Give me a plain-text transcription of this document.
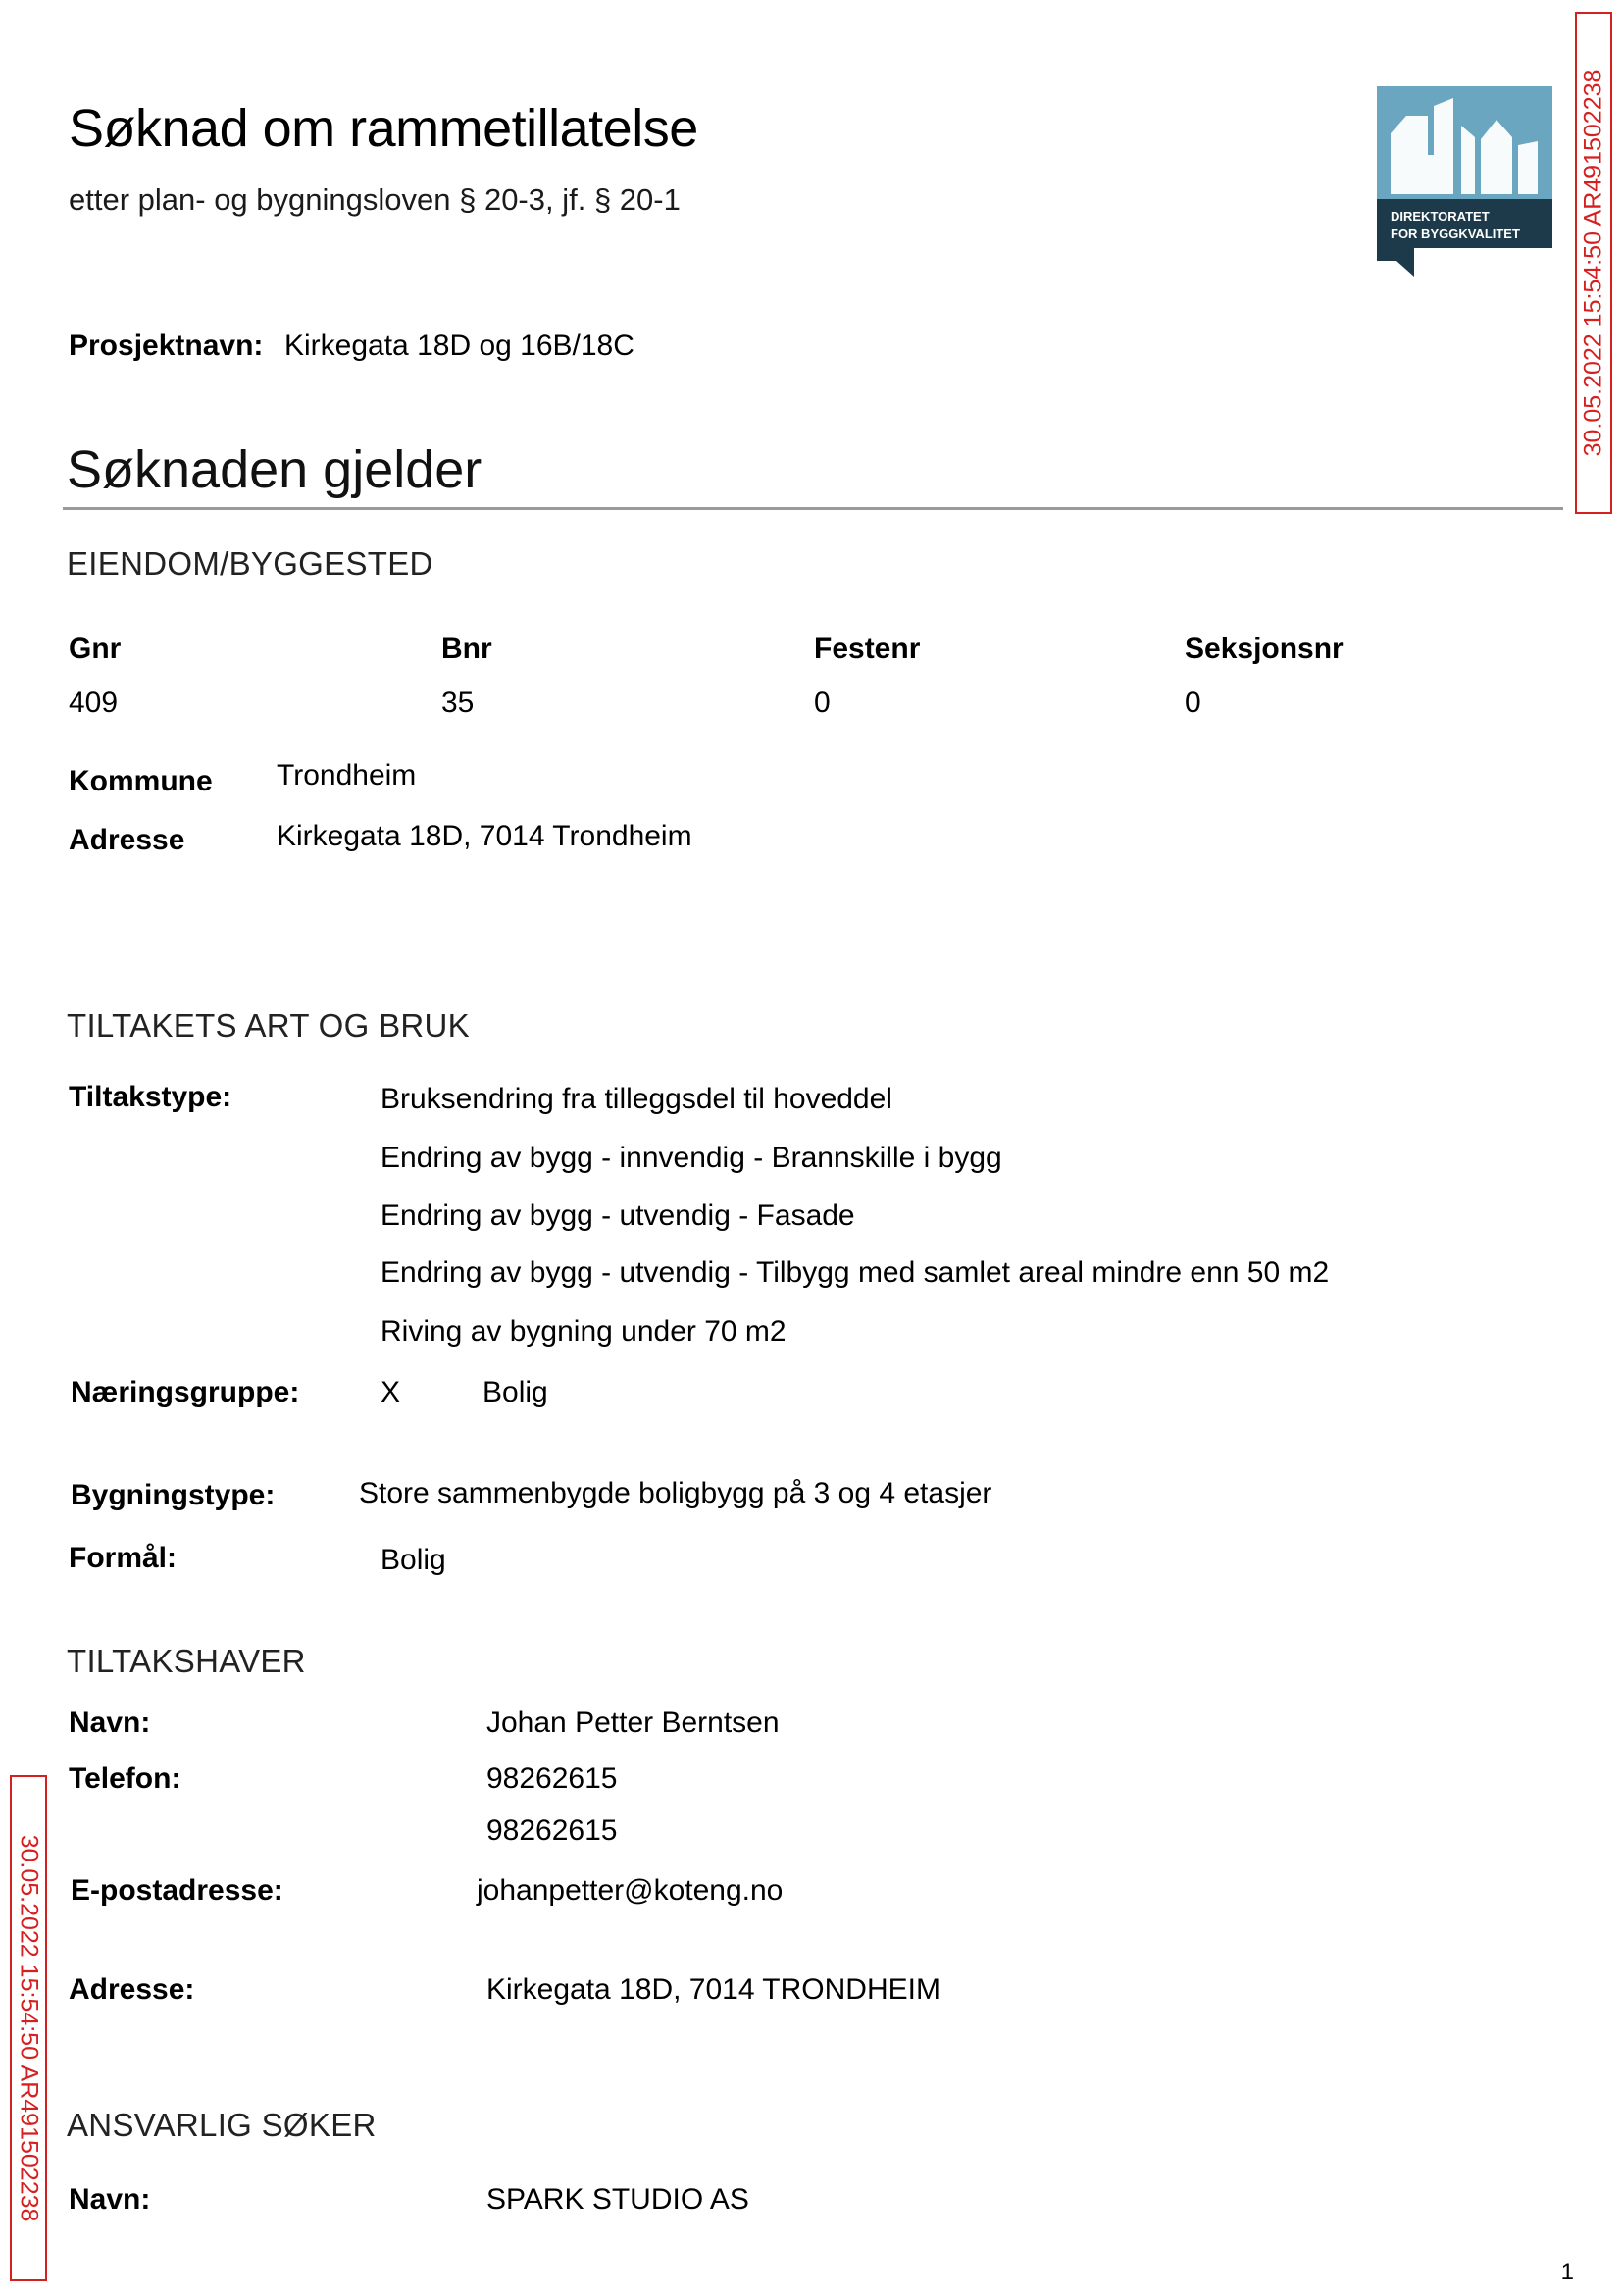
Søknad om rammetillatelse
etter plan- og bygningsloven § 20-3, jf. § 20-1	DIREKTORATET
FOR BYGGKVALITET 30.05.2022 15:54:50 AR491502238
30.05.2022 15:54:50 AR491502238
Prosjektnavn: Kirkegata 18D og 16B/18C
Søknaden gjelder
EIENDOM/BYGGESTED
Gnr	Bnr	Festenr	Seksjonsnr
409	35	0	0
Kommune Trondheim
Adresse	Kirkegata 18D, 7014 Trondheim
TILTAKETS ART OG BRUK
Tiltakstype:	Bruksendring fra tilleggsdel til hoveddel
Endring av bygg - innvendig - Brannskille i bygg
Endring av bygg - utvendig - Fasade
Endring av bygg - utvendig - Tilbygg med samlet areal mindre enn 50 m2
Riving av bygning under 70 m2
Næringsgruppe:	X	Bolig
Bygningstype:	Store sammenbygde boligbygg på 3 og 4 etasjer
Formål:	Bolig
TILTAKSHAVER
Navn:	Johan Petter Berntsen
Telefon:	98262615
98262615
E-postadresse:	johanpetter@koteng.no
Adresse:	Kirkegata 18D, 7014 TRONDHEIM
ANSVARLIG SØKER
Navn:	SPARK STUDIO AS
1
